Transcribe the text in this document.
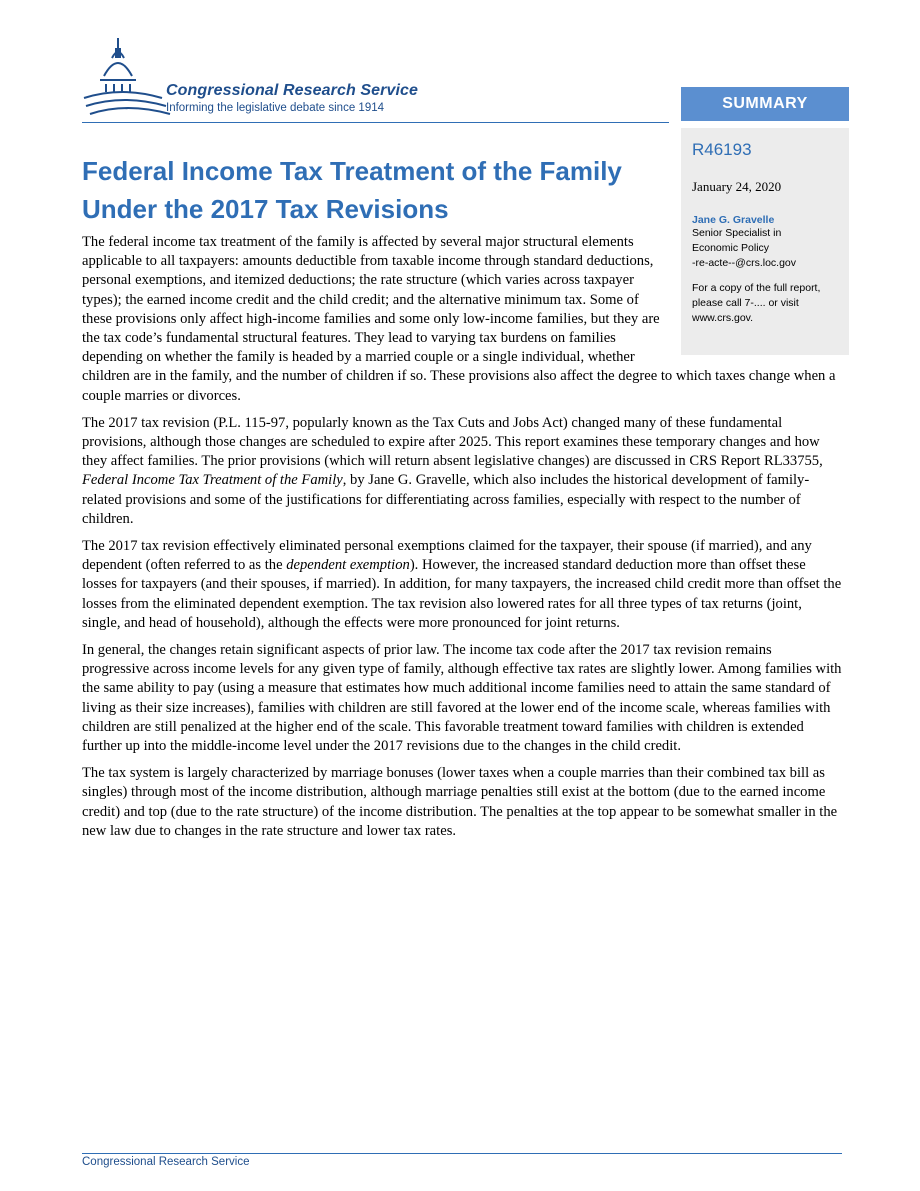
Congressional Research Service
Informing the legislative debate since 1914	SUMMARY
R46193
January 24, 2020
Jane G. Gravelle
Senior Specialist in
Economic Policy
-re-acte--@crs.loc.gov
For a copy of the full report, please call 7-.... or visit www.crs.gov.
Federal Income Tax Treatment of the Family Under the 2017 Tax Revisions

The federal income tax treatment of the family is affected by several major structural elements applicable to all taxpayers: amounts deductible from taxable income through standard deductions, personal exemptions, and itemized deductions; the rate structure (which varies across taxpayer types); the earned income credit and the child credit; and the alternative minimum tax. Some of these provisions only affect high-income families and some only low-income families, but they are the tax code’s fundamental structural features. They lead to varying tax burdens on families depending on whether the family is headed by a married couple or a single individual, whether children are in the family, and the number of children if so. These provisions also affect the degree to which taxes change when a couple marries or divorces.

The 2017 tax revision (P.L. 115-97, popularly known as the Tax Cuts and Jobs Act) changed many of these fundamental provisions, although those changes are scheduled to expire after 2025. This report examines these temporary changes and how they affect families. The prior provisions (which will return absent legislative changes) are discussed in CRS Report RL33755, Federal Income Tax Treatment of the Family, by Jane G. Gravelle, which also includes the historical development of family-related provisions and some of the justifications for differentiating across families, especially with respect to the number of children.

The 2017 tax revision effectively eliminated personal exemptions claimed for the taxpayer, their spouse (if married), and any dependent (often referred to as the dependent exemption). However, the increased standard deduction more than offset these losses for taxpayers (and their spouses, if married). In addition, for many taxpayers, the increased child credit more than offset the losses from the eliminated dependent exemption. The tax revision also lowered rates for all three types of tax returns (joint, single, and head of household), although the effects were more pronounced for joint returns.

In general, the changes retain significant aspects of prior law. The income tax code after the 2017 tax revision remains progressive across income levels for any given type of family, although effective tax rates are slightly lower. Among families with the same ability to pay (using a measure that estimates how much additional income families need to attain the same standard of living as their size increases), families with children are still favored at the lower end of the income scale, whereas families with children are still penalized at the higher end of the scale. This favorable treatment toward families with children is extended further up into the middle-income level under the 2017 revisions due to the changes in the child credit.

The tax system is largely characterized by marriage bonuses (lower taxes when a couple marries than their combined tax bill as singles) through most of the income distribution, although marriage penalties still exist at the bottom (due to the earned income credit) and top (due to the rate structure) of the income distribution. The penalties at the top appear to be somewhat smaller in the new law due to changes in the rate structure and lower tax rates.

Congressional Research Service
